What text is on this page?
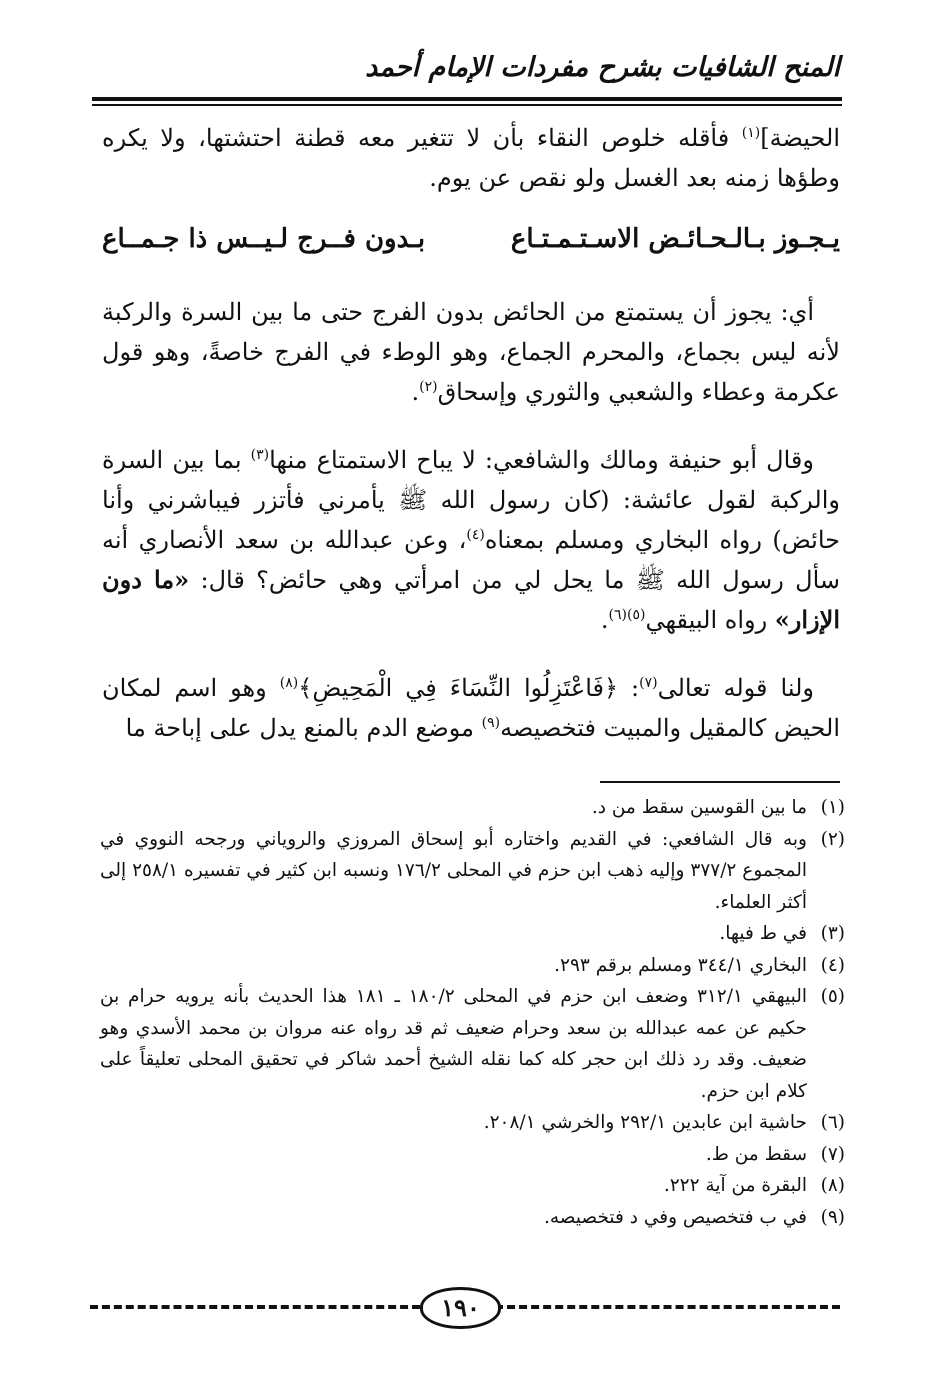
المنح الشافيات بشرح مفردات الإمام أحمد
الحيضة]$^{(١)}$ فأقله خلوص النقاء بأن لا تتغير معه قطنة احتشتها، ولا يكره وطؤها زمنه بعد الغسل ولو نقص عن يوم.
يـجـوز بـالـحـائـض الاسـتـمـتـاع
بـدون فــرج لـيــس ذا جـمــاع
أي: يجوز أن يستمتع من الحائض بدون الفرج حتى ما بين السرة والركبة لأنه ليس بجماع، والمحرم الجماع، وهو الوطء في الفرج خاصةً، وهو قول عكرمة وعطاء والشعبي والثوري وإسحاق$^{(٢)}$.
وقال أبو حنيفة ومالك والشافعي: لا يباح الاستمتاع منها$^{(٣)}$ بما بين السرة والركبة لقول عائشة: (كان رسول الله ﷺ يأمرني فأتزر فيباشرني وأنا حائض) رواه البخاري ومسلم بمعناه$^{(٤)}$، وعن عبدالله بن سعد الأنصاري أنه سأل رسول الله ﷺ ما يحل لي من امرأتي وهي حائض؟ قال: «ما دون الإزار» رواه البيقهي$^{(٥)(٦)}$.
ولنا قوله تعالى$^{(٧)}$: ﴿فَاعْتَزِلُوا النِّسَاءَ فِي الْمَحِيضِ﴾$^{(٨)}$ وهو اسم لمكان الحيض كالمقيل والمبيت فتخصيصه$^{(٩)}$ موضع الدم بالمنع يدل على إباحة ما
(١)
ما بين القوسين سقط من د.
(٢)
وبه قال الشافعي: في القديم واختاره أبو إسحاق المروزي والروياني ورجحه النووي في المجموع ٣٧٧/٢ وإليه ذهب ابن حزم في المحلى ١٧٦/٢ ونسبه ابن كثير في تفسيره ٢٥٨/١ إلى أكثر العلماء.
(٣)
في ط فيها.
(٤)
البخاري ٣٤٤/١ ومسلم برقم ٢٩٣.
(٥)
البيهقي ٣١٢/١ وضعف ابن حزم في المحلى ١٨٠/٢ ـ ١٨١ هذا الحديث بأنه يرويه حرام بن حكيم عن عمه عبدالله بن سعد وحرام ضعيف ثم قد رواه عنه مروان بن محمد الأسدي وهو ضعيف. وقد رد ذلك ابن حجر كله كما نقله الشيخ أحمد شاكر في تحقيق المحلى تعليقاً على كلام ابن حزم.
(٦)
حاشية ابن عابدين ٢٩٢/١ والخرشي ٢٠٨/١.
(٧)
سقط من ط.
(٨)
البقرة من آية ٢٢٢.
(٩)
في ب فتخصيص وفي د فتخصيصه.
١٩٠
